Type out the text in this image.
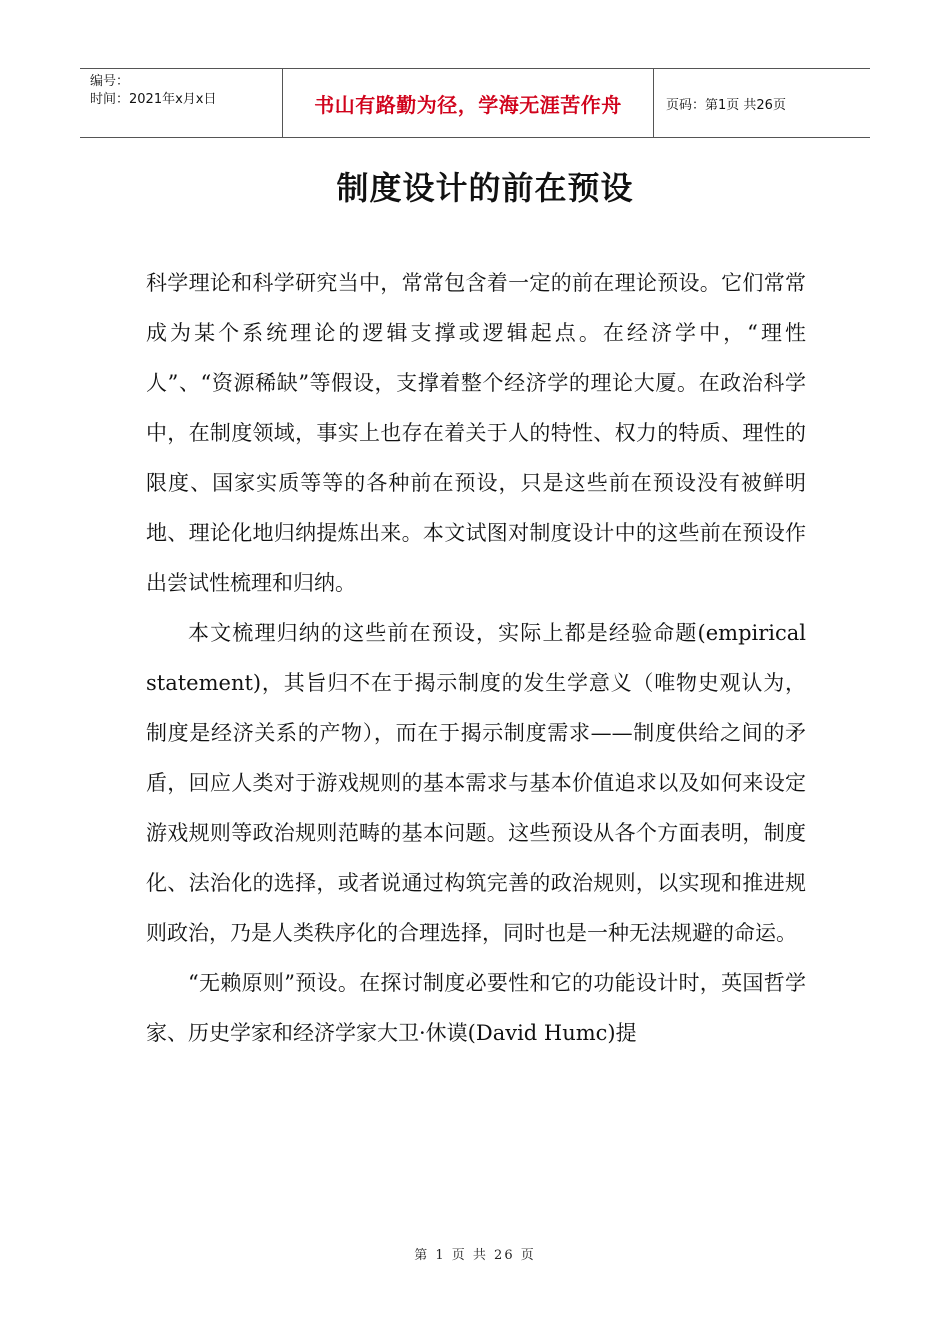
编号：
时间：2021年x月x日	书山有路勤为径，学海无涯苦作舟	页码：第1页 共26页
制度设计的前在预设

科学理论和科学研究当中，常常包含着一定的前在理论预设。它们常常成为某个系统理论的逻辑支撑或逻辑起点。在经济学中，“理性人”、“资源稀缺”等假设，支撑着整个经济学的理论大厦。在政治科学中，在制度领域，事实上也存在着关于人的特性、权力的特质、理性的限度、国家实质等等的各种前在预设，只是这些前在预设没有被鲜明地、理论化地归纳提炼出来。本文试图对制度设计中的这些前在预设作出尝试性梳理和归纳。

本文梳理归纳的这些前在预设，实际上都是经验命题(empirical statement)，其旨归不在于揭示制度的发生学意义（唯物史观认为，制度是经济关系的产物），而在于揭示制度需求——制度供给之间的矛盾，回应人类对于游戏规则的基本需求与基本价值追求以及如何来设定游戏规则等政治规则范畴的基本问题。这些预设从各个方面表明，制度化、法治化的选择，或者说通过构筑完善的政治规则，以实现和推进规则政治，乃是人类秩序化的合理选择，同时也是一种无法规避的命运。

“无赖原则”预设。在探讨制度必要性和它的功能设计时，英国哲学家、历史学家和经济学家大卫·休谟(David Humc)提

第 1 页 共 26 页
